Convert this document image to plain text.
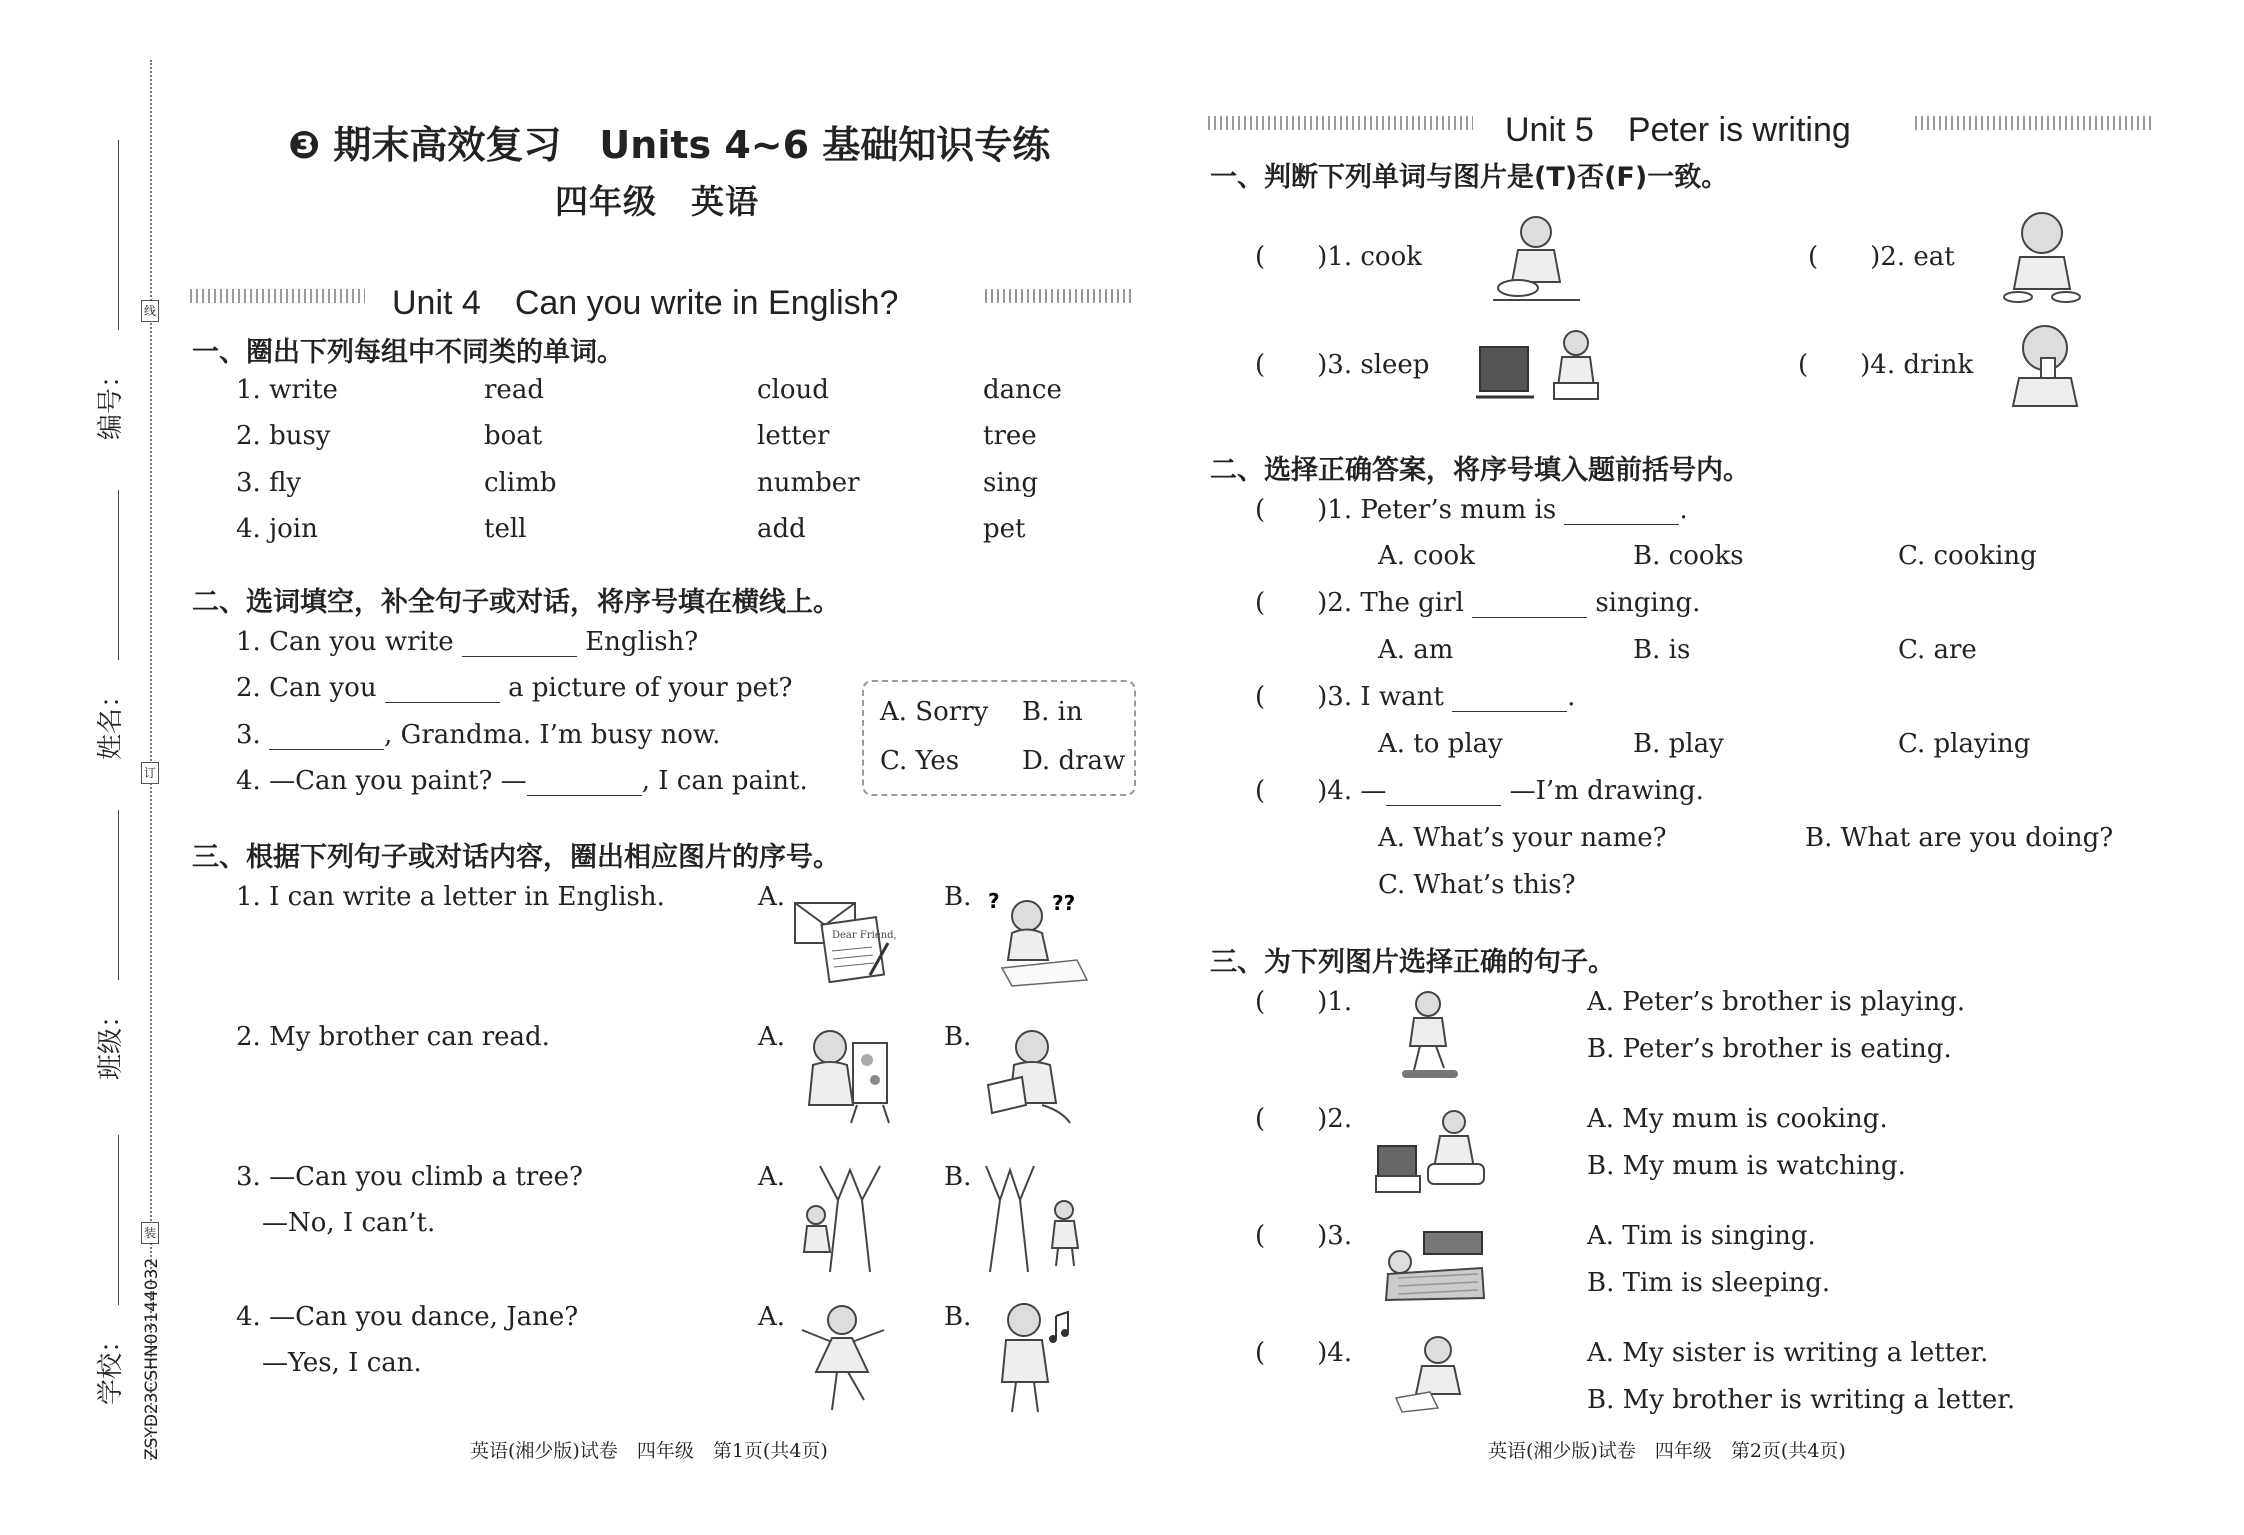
线
订
装
编号：
姓名：
班级：
学校： ZSYD23CSHN03144032
❸ 期末高效复习　Units 4~6 基础知识专练
四年级　英语
Unit 4　Can you write in English?
一、圈出下列每组中不同类的单词。
1. write	read	cloud	dance
2. busy	boat	letter	tree
3. fly	climb	number	sing
4. join	tell	add	pet
二、选词填空，补全句子或对话，将序号填在横线上。
1. Can you write	English?
2. Can you	a picture of your pet?
3.	, Grandma. I’m busy now.
4. —Can you paint? —	, I can paint.
A. Sorry B. in
C. Yes D. draw
三、根据下列句子或对话内容，圈出相应图片的序号。
1. I can write a letter in English.	A.	B.
Dear Friend,
?	??
2. My brother can read.	A.	B.
3. —Can you climb a tree?
—No, I can’t.
A.	B.
4. —Can you dance, Jane?
—Yes, I can.
A.	B.
英语(湘少版)试卷　四年级　第1页(共4页)
Unit 5　Peter is writing
一、判断下列单词与图片是(T)否(F)一致。
(  )1. cook	(  )2. eat
(  )3. sleep	(  )4. drink
二、选择正确答案，将序号填入题前括号内。
(  )1. Peter’s mum is	.
A. cook	B. cooks	C. cooking
(  )2. The girl	singing.
A. am	B. is	C. are
(  )3. I want	.
A. to play	B. play	C. playing
(  )4. —	—I’m drawing.
A. What’s your name?	B. What are you doing?
C. What’s this?
三、为下列图片选择正确的句子。
(  )1.	A. Peter’s brother is playing.
B. Peter’s brother is eating.
(  )2.	A. My mum is cooking.
B. My mum is watching.
(  )3.	A. Tim is singing.
B. Tim is sleeping.
(  )4.	A. My sister is writing a letter.
B. My brother is writing a letter.
英语(湘少版)试卷　四年级　第2页(共4页)
